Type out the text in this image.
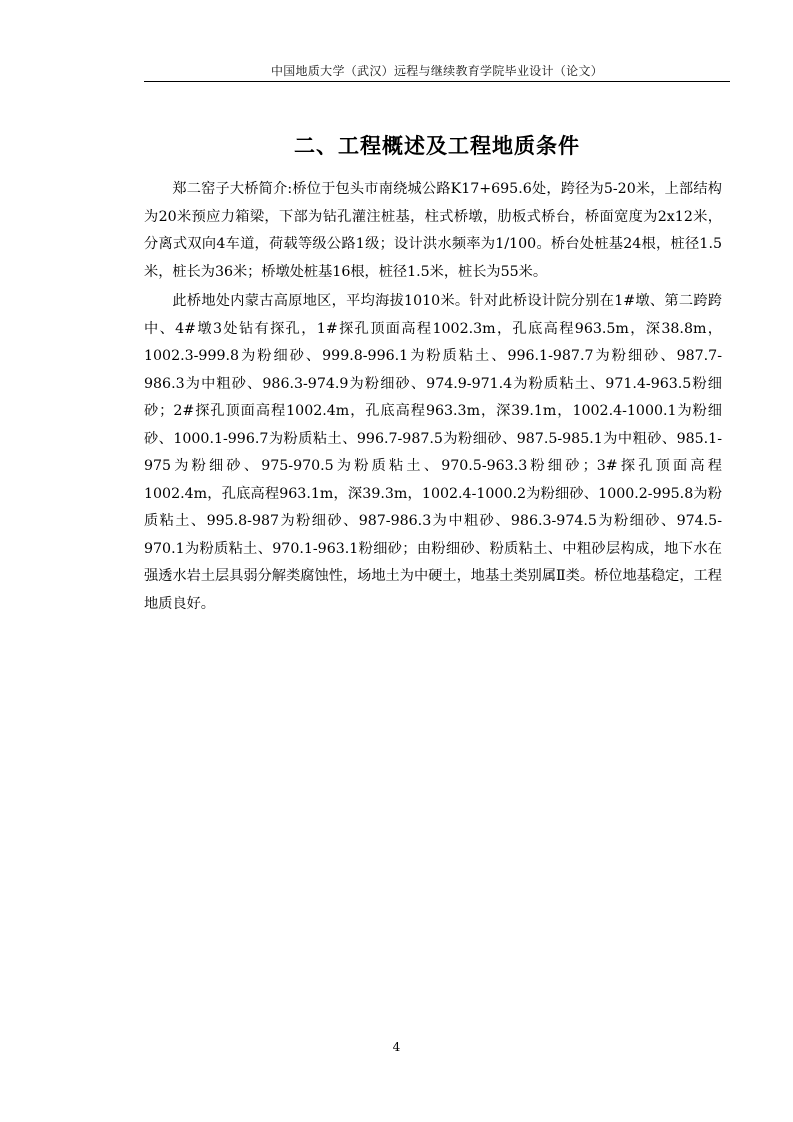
中国地质大学（武汉）远程与继续教育学院毕业设计（论文）
二、工程概述及工程地质条件

郑二窑子大桥简介:桥位于包头市南绕城公路K17+695.6处，跨径为5-20米，上部结构为20米预应力箱梁，下部为钻孔灌注桩基，柱式桥墩，肋板式桥台，桥面宽度为2x12米，分离式双向4车道，荷载等级公路1级；设计洪水频率为1/100。桥台处桩基24根，桩径1.5米，桩长为36米；桥墩处桩基16根，桩径1.5米，桩长为55米。

此桥地处内蒙古高原地区，平均海拔1010米。针对此桥设计院分别在1#墩、第二跨跨中、4#墩3处钻有探孔，1#探孔顶面高程1002.3m，孔底高程963.5m，深38.8m，1002.3-999.8为粉细砂、999.8-996.1为粉质粘土、996.1-987.7为粉细砂、987.7-986.3为中粗砂、986.3-974.9为粉细砂、974.9-971.4为粉质粘土、971.4-963.5粉细砂；2#探孔顶面高程1002.4m，孔底高程963.3m，深39.1m，1002.4-1000.1为粉细砂、1000.1-996.7为粉质粘土、996.7-987.5为粉细砂、987.5-985.1为中粗砂、985.1-975为粉细砂、975-970.5为粉质粘土、970.5-963.3粉细砂；3#探孔顶面高程1002.4m，孔底高程963.1m，深39.3m，1002.4-1000.2为粉细砂、1000.2-995.8为粉质粘土、995.8-987为粉细砂、987-986.3为中粗砂、986.3-974.5为粉细砂、974.5-970.1为粉质粘土、970.1-963.1粉细砂；由粉细砂、粉质粘土、中粗砂层构成，地下水在强透水岩土层具弱分解类腐蚀性，场地土为中硬土，地基土类别属Ⅱ类。桥位地基稳定，工程地质良好。

4
